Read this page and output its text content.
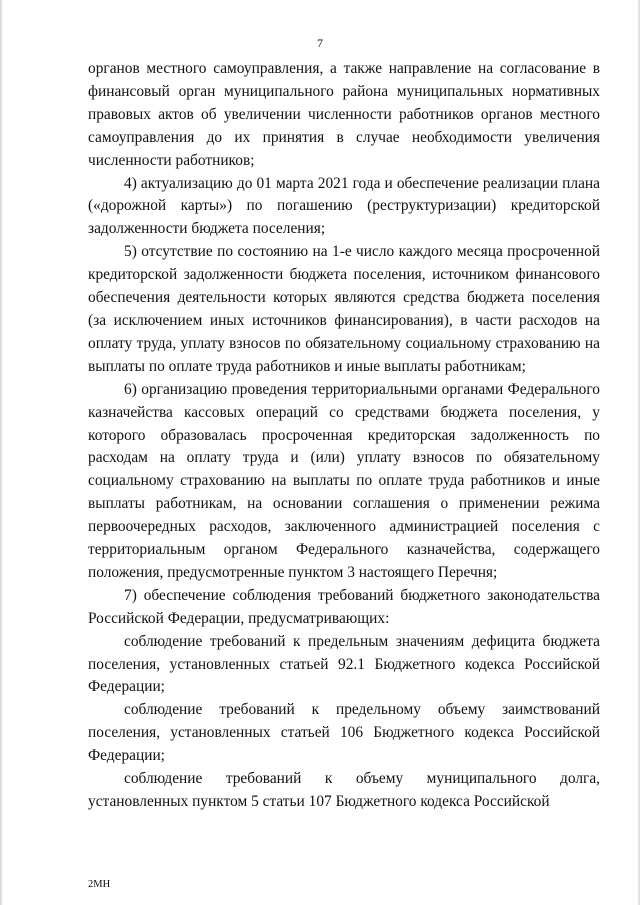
7

органов местного самоуправления, а также направление на согласование в финансовый орган муниципального района муниципальных нормативных правовых актов об увеличении численности работников органов местного самоуправления до их принятия в случае необходимости увеличения численности работников;

4) актуализацию до 01 марта 2021 года и обеспечение реализации плана («дорожной карты») по погашению (реструктуризации) кредиторской задолженности бюджета поселения;

5) отсутствие по состоянию на 1-е число каждого месяца просроченной кредиторской задолженности бюджета поселения, источником финансового обеспечения деятельности которых являются средства бюджета поселения (за исключением иных источников финансирования), в части расходов на оплату труда, уплату взносов по обязательному социальному страхованию на выплаты по оплате труда работников и иные выплаты работникам;

6) организацию проведения территориальными органами Федерального казначейства кассовых операций со средствами бюджета поселения, у которого образовалась просроченная кредиторская задолженность по расходам на оплату труда и (или) уплату взносов по обязательному социальному страхованию на выплаты по оплате труда работников и иные выплаты работникам, на основании соглашения о применении режима первоочередных расходов, заключенного администрацией поселения с территориальным органом Федерального казначейства, содержащего положения, предусмотренные пунктом 3 настоящего Перечня;

7) обеспечение соблюдения требований бюджетного законодательства Российской Федерации, предусматривающих:

соблюдение требований к предельным значениям дефицита бюджета поселения, установленных статьей 92.1 Бюджетного кодекса Российской Федерации;

соблюдение требований к предельному объему заимствований поселения, установленных статьей 106 Бюджетного кодекса Российской Федерации;

соблюдение требований к объему муниципального долга, установленных пунктом 5 статьи 107 Бюджетного кодекса Российской

2МН
